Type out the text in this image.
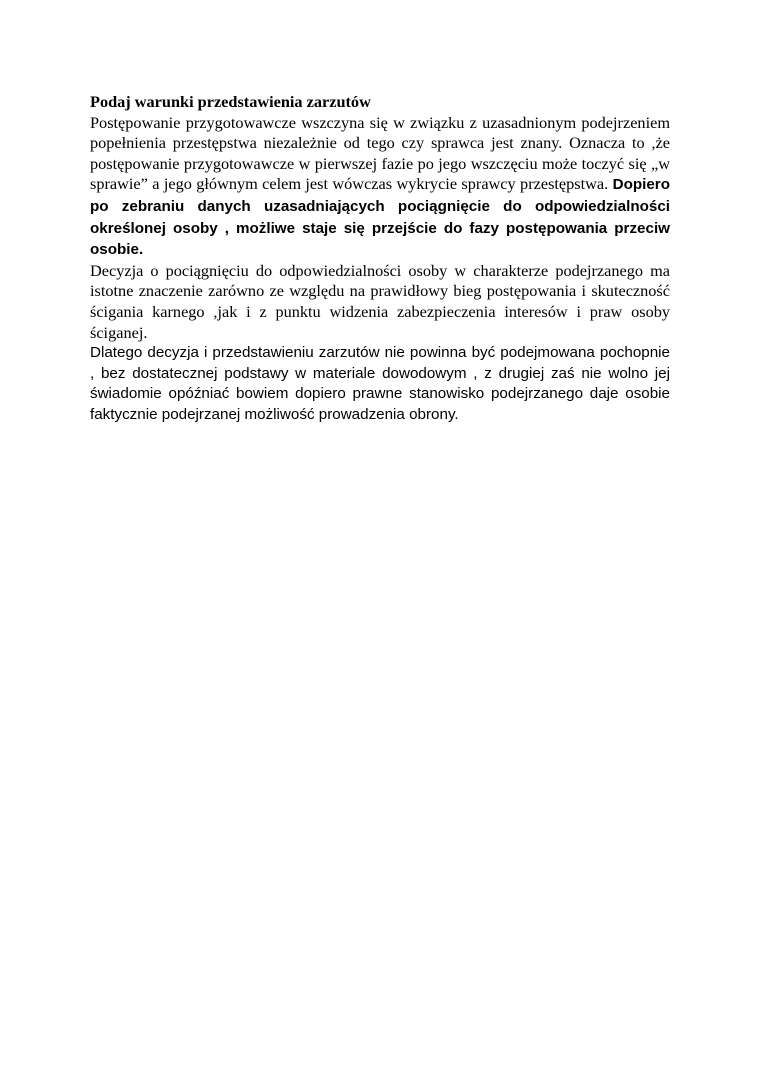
Podaj warunki przedstawienia zarzutów

Postępowanie przygotowawcze wszczyna się w związku z uzasadnionym podejrzeniem popełnienia przestępstwa niezależnie od tego czy sprawca jest znany. Oznacza to ,że postępowanie przygotowawcze w pierwszej fazie po jego wszczęciu może toczyć się „w sprawie” a jego głównym celem jest wówczas wykrycie sprawcy przestępstwa. Dopiero po zebraniu danych uzasadniających pociągnięcie do odpowiedzialności określonej osoby , możliwe staje się przejście do fazy postępowania przeciw osobie.

Decyzja o pociągnięciu do odpowiedzialności osoby w charakterze podejrzanego ma istotne znaczenie zarówno ze względu na prawidłowy bieg postępowania i skuteczność ścigania karnego ,jak i z punktu widzenia zabezpieczenia interesów i praw osoby ściganej.

Dlatego decyzja i przedstawieniu zarzutów nie powinna być podejmowana pochopnie , bez dostatecznej podstawy w materiale dowodowym , z drugiej zaś nie wolno jej świadomie opóźniać bowiem dopiero prawne stanowisko podejrzanego daje osobie faktycznie podejrzanej możliwość prowadzenia obrony.
